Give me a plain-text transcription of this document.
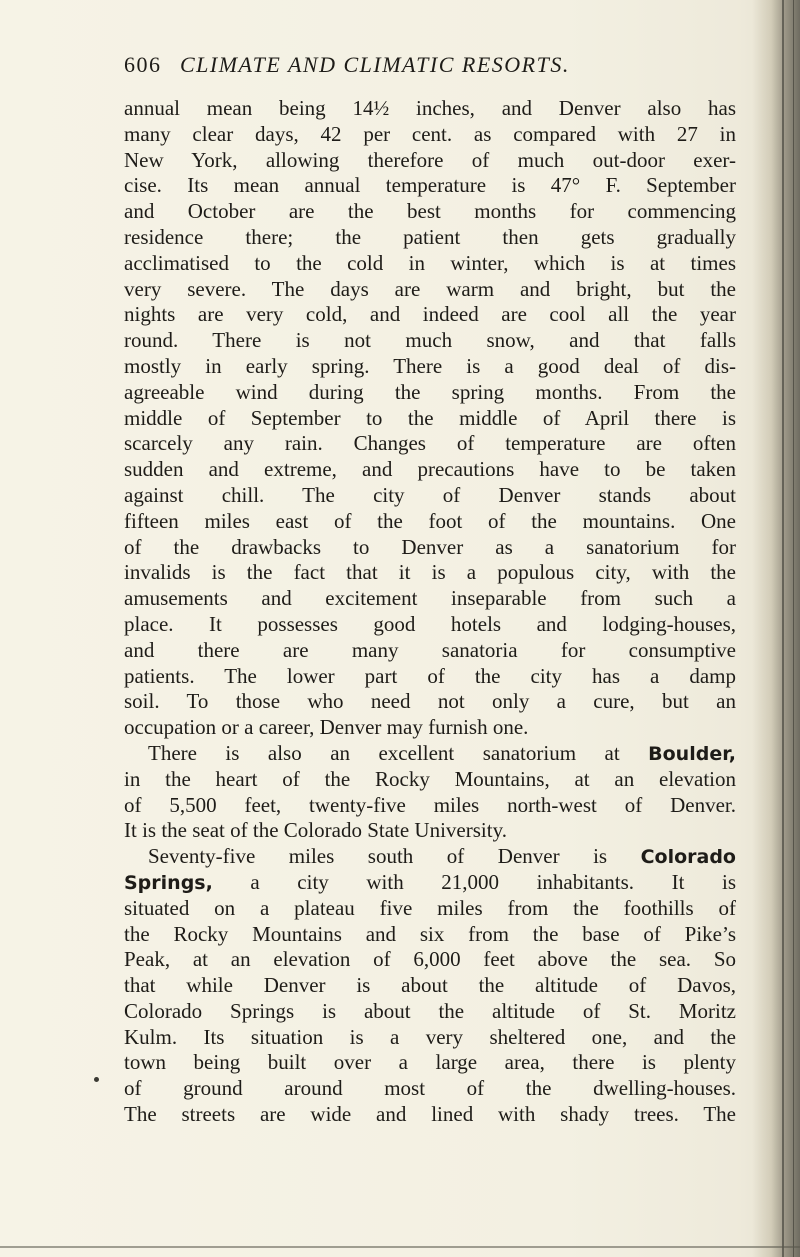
606 CLIMATE AND CLIMATIC RESORTS.
annual mean being 14½ inches, and Denver also has
many clear days, 42 per cent. as compared with 27 in
New York, allowing therefore of much out-door exer-
cise. Its mean annual temperature is 47° F. September
and October are the best months for commencing
residence there; the patient then gets gradually
acclimatised to the cold in winter, which is at times
very severe. The days are warm and bright, but the
nights are very cold, and indeed are cool all the year
round. There is not much snow, and that falls
mostly in early spring. There is a good deal of dis-
agreeable wind during the spring months. From the
middle of September to the middle of April there is
scarcely any rain. Changes of temperature are often
sudden and extreme, and precautions have to be taken
against chill. The city of Denver stands about
fifteen miles east of the foot of the mountains. One
of the drawbacks to Denver as a sanatorium for
invalids is the fact that it is a populous city, with the
amusements and excitement inseparable from such a
place. It possesses good hotels and lodging-houses,
and there are many sanatoria for consumptive
patients. The lower part of the city has a damp
soil. To those who need not only a cure, but an
occupation or a career, Denver may furnish one.
There is also an excellent sanatorium at Boulder,
in the heart of the Rocky Mountains, at an elevation
of 5,500 feet, twenty-five miles north-west of Denver.
It is the seat of the Colorado State University.
Seventy-five miles south of Denver is Colorado
Springs, a city with 21,000 inhabitants. It is
situated on a plateau five miles from the foothills of
the Rocky Mountains and six from the base of Pike’s
Peak, at an elevation of 6,000 feet above the sea. So
that while Denver is about the altitude of Davos,
Colorado Springs is about the altitude of St. Moritz
Kulm. Its situation is a very sheltered one, and the
town being built over a large area, there is plenty
of ground around most of the dwelling-houses.
The streets are wide and lined with shady trees. The
